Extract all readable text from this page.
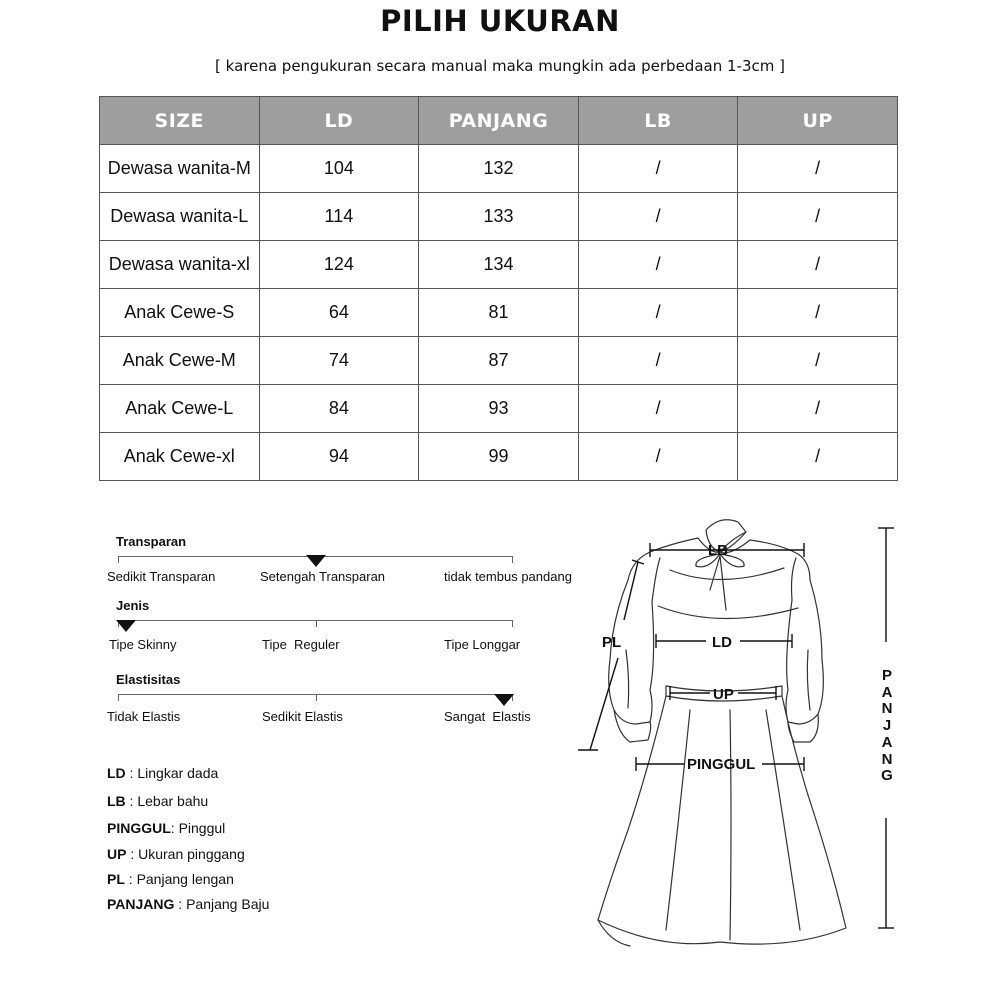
PILIH UKURAN
[ karena pengukuran secara manual maka mungkin ada perbedaan 1-3cm ]
SIZE	LD	PANJANG	LB	UP
Dewasa wanita-M	104	132	/	/
Dewasa wanita-L	114	133	/	/
Dewasa wanita-xl	124	134	/	/
Anak Cewe-S	64	81	/	/
Anak Cewe-M	74	87	/	/
Anak Cewe-L	84	93	/	/
Anak Cewe-xl	94	99	/	/
Transparan
Sedikit Transparan	Setengah Transparan	tidak tembus pandang
Jenis
Tipe Skinny	Tipe  Reguler	Tipe Longgar
Elastisitas
Tidak Elastis	Sedikit Elastis	Sangat  Elastis
LD : Lingkar dada
LB : Lebar bahu
PINGGUL: Pinggul
UP : Ukuran pinggang
PL : Panjang lengan
PANJANG : Panjang Baju
LB
LD
UP
PINGGUL
PL
P
A
N
J
A
N
G
